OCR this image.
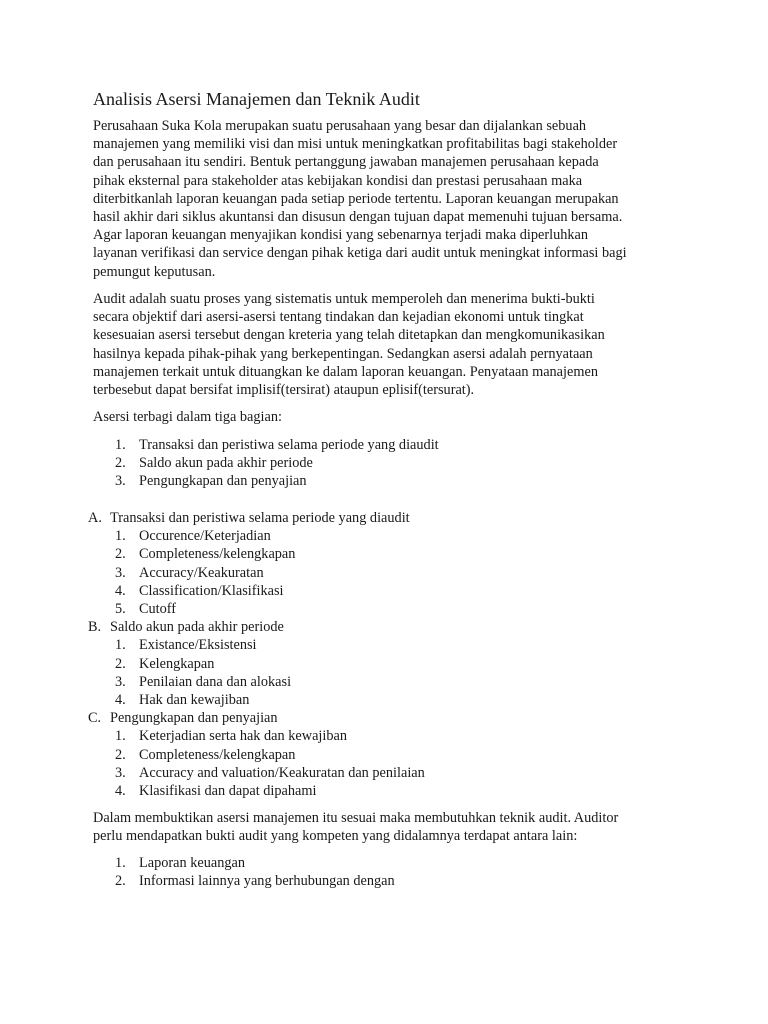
Analisis Asersi Manajemen dan Teknik Audit

Perusahaan Suka Kola merupakan suatu perusahaan yang besar dan dijalankan sebuah
manajemen yang memiliki visi dan misi untuk meningkatkan profitabilitas bagi stakeholder
dan perusahaan itu sendiri. Bentuk pertanggung jawaban manajemen perusahaan kepada
pihak eksternal para stakeholder atas kebijakan kondisi dan prestasi perusahaan maka
diterbitkanlah laporan keuangan pada setiap periode tertentu. Laporan keuangan merupakan
hasil akhir dari siklus akuntansi dan disusun dengan tujuan dapat memenuhi tujuan bersama.
Agar laporan keuangan menyajikan kondisi yang sebenarnya terjadi maka diperluhkan
layanan verifikasi dan service dengan pihak ketiga dari audit untuk meningkat informasi bagi
pemungut keputusan.

Audit adalah suatu proses yang sistematis untuk memperoleh dan menerima bukti-bukti
secara objektif dari asersi-asersi tentang tindakan dan kejadian ekonomi untuk tingkat
kesesuaian asersi tersebut dengan kreteria yang telah ditetapkan dan mengkomunikasikan
hasilnya kepada pihak-pihak yang berkepentingan. Sedangkan asersi adalah pernyataan
manajemen terkait untuk dituangkan ke dalam laporan keuangan. Penyataan manajemen
terbesebut dapat bersifat implisif(tersirat) ataupun eplisif(tersurat).

Asersi terbagi dalam tiga bagian:

1. Transaksi dan peristiwa selama periode yang diaudit
2. Saldo akun pada akhir periode
3. Pengungkapan dan penyajian
A. Transaksi dan peristiwa selama periode yang diaudit
1. Occurence/Keterjadian
2. Completeness/kelengkapan
3. Accuracy/Keakuratan
4. Classification/Klasifikasi
5. Cutoff
B. Saldo akun pada akhir periode
1. Existance/Eksistensi
2. Kelengkapan
3. Penilaian dana dan alokasi
4. Hak dan kewajiban
C. Pengungkapan dan penyajian
1. Keterjadian serta hak dan kewajiban
2. Completeness/kelengkapan
3. Accuracy and valuation/Keakuratan dan penilaian
4. Klasifikasi dan dapat dipahami

Dalam membuktikan asersi manajemen itu sesuai maka membutuhkan teknik audit. Auditor
perlu mendapatkan bukti audit yang kompeten yang didalamnya terdapat antara lain:

1. Laporan keuangan
2. Informasi lainnya yang berhubungan dengan
